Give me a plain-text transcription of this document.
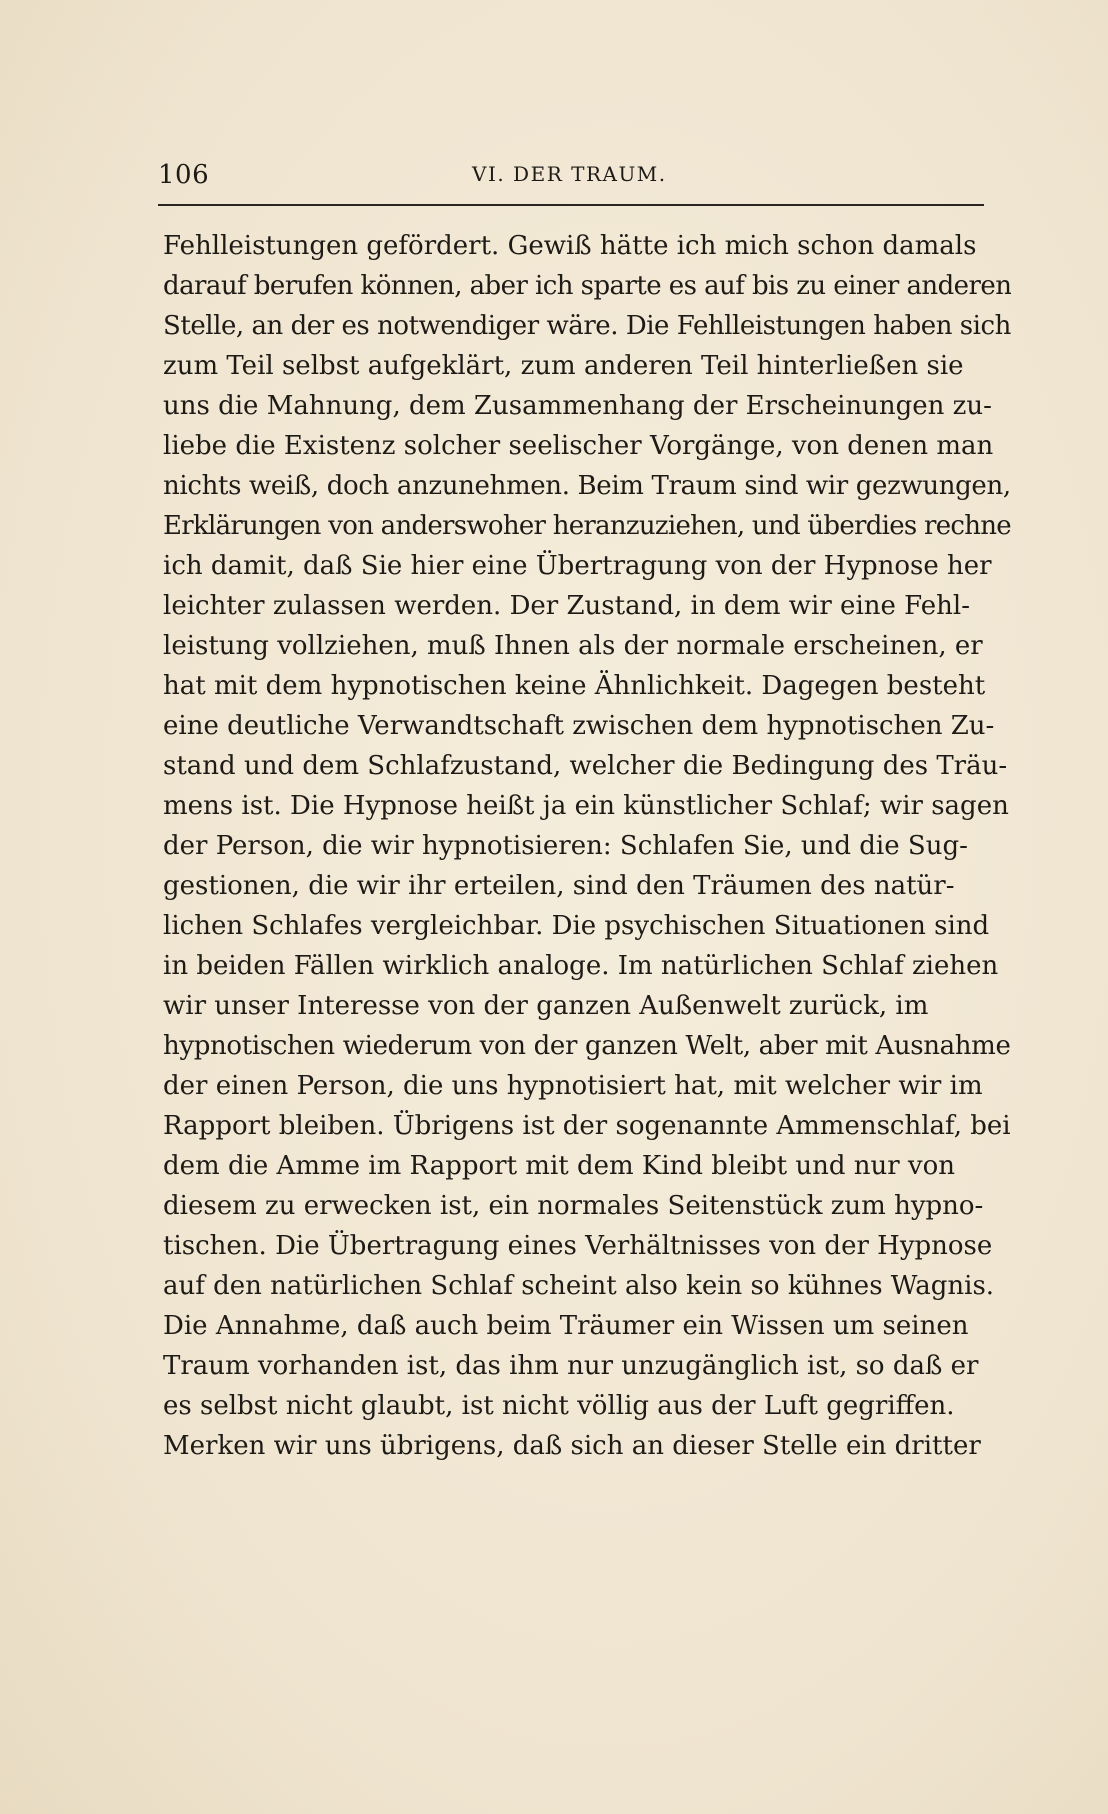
106	VI. DER TRAUM.
Fehlleistungen gefördert. Gewiß hätte ich mich schon damals
darauf berufen können, aber ich sparte es auf bis zu einer anderen
Stelle, an der es notwendiger wäre. Die Fehlleistungen haben sich
zum Teil selbst aufgeklärt, zum anderen Teil hinterließen sie
uns die Mahnung, dem Zusammenhang der Erscheinungen zu-
liebe die Existenz solcher seelischer Vorgänge, von denen man
nichts weiß, doch anzunehmen. Beim Traum sind wir gezwungen,
Erklärungen von anderswoher heranzuziehen, und überdies rechne
ich damit, daß Sie hier eine Übertragung von der Hypnose her
leichter zulassen werden. Der Zustand, in dem wir eine Fehl-
leistung vollziehen, muß Ihnen als der normale erscheinen, er
hat mit dem hypnotischen keine Ähnlichkeit. Dagegen besteht
eine deutliche Verwandtschaft zwischen dem hypnotischen Zu-
stand und dem Schlafzustand, welcher die Bedingung des Träu-
mens ist. Die Hypnose heißt ja ein künstlicher Schlaf; wir sagen
der Person, die wir hypnotisieren: Schlafen Sie, und die Sug-
gestionen, die wir ihr erteilen, sind den Träumen des natür-
lichen Schlafes vergleichbar. Die psychischen Situationen sind
in beiden Fällen wirklich analoge. Im natürlichen Schlaf ziehen
wir unser Interesse von der ganzen Außenwelt zurück, im
hypnotischen wiederum von der ganzen Welt, aber mit Ausnahme
der einen Person, die uns hypnotisiert hat, mit welcher wir im
Rapport bleiben. Übrigens ist der sogenannte Ammenschlaf, bei
dem die Amme im Rapport mit dem Kind bleibt und nur von
diesem zu erwecken ist, ein normales Seitenstück zum hypno-
tischen. Die Übertragung eines Verhältnisses von der Hypnose
auf den natürlichen Schlaf scheint also kein so kühnes Wagnis.
Die Annahme, daß auch beim Träumer ein Wissen um seinen
Traum vorhanden ist, das ihm nur unzugänglich ist, so daß er
es selbst nicht glaubt, ist nicht völlig aus der Luft gegriffen.
Merken wir uns übrigens, daß sich an dieser Stelle ein dritter
